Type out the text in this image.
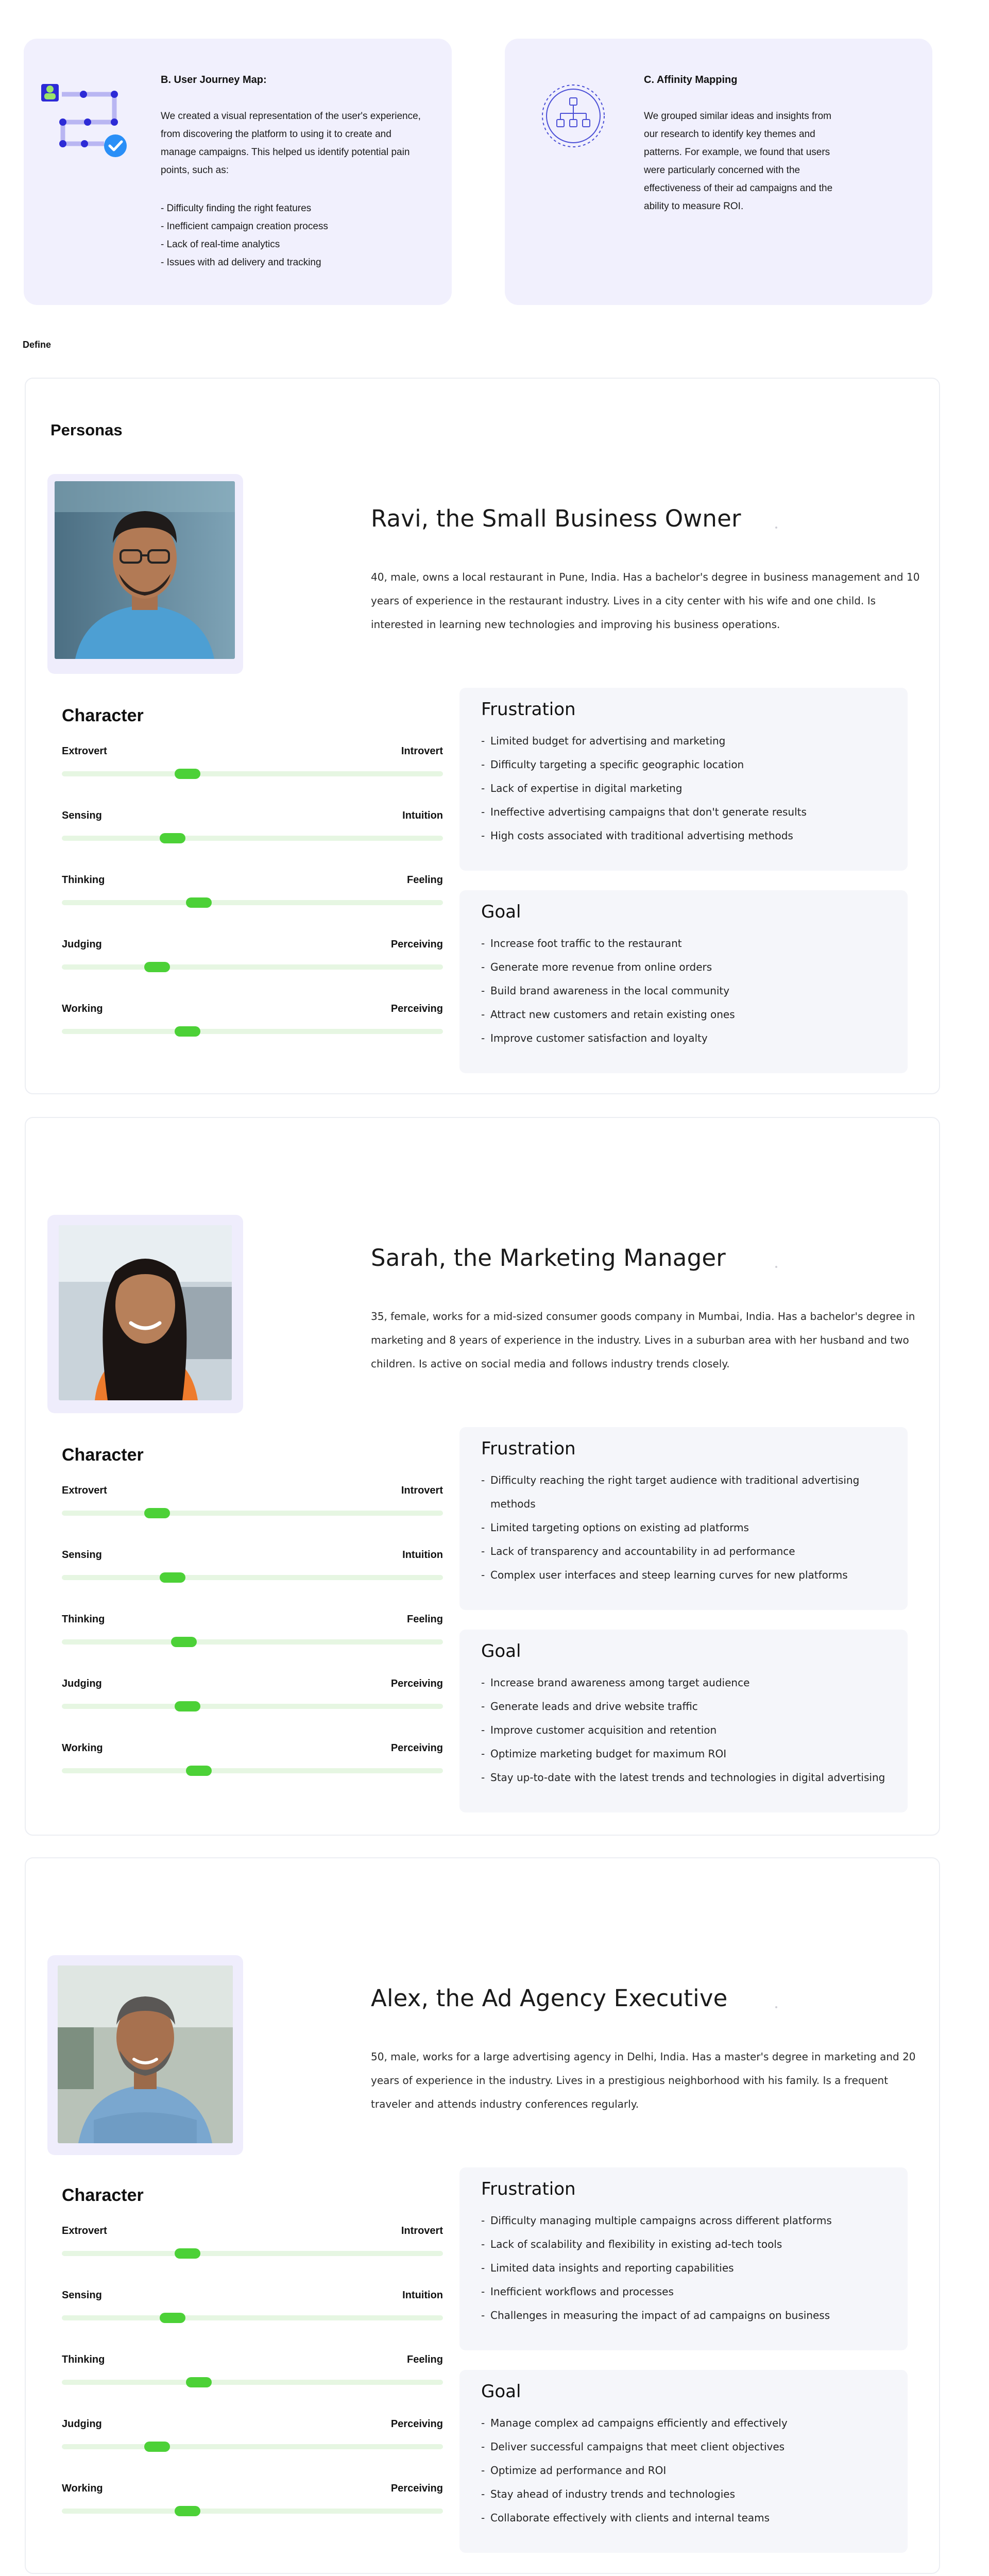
B. User Journey Map:
We created a visual representation of the user's experience, from discovering the platform to using it to create and manage campaigns. This helped us identify potential pain points, such as:
- Difficulty finding the right features
- Inefficient campaign creation process
- Lack of real-time analytics
- Issues with ad delivery and tracking
C. Affinity Mapping
We grouped similar ideas and insights from our research to identify key themes and patterns. For example, we found that users were particularly concerned with the effectiveness of their ad campaigns and the ability to measure ROI.
Define
Personas
Ravi, the Small Business Owner
40, male, owns a local restaurant in Pune, India. Has a bachelor's degree in business management and 10 years of experience in the restaurant industry. Lives in a city center with his wife and one child. Is interested in learning new technologies and improving his business operations.
Character
Extrovert	Introvert
Sensing	Intuition
Thinking	Feeling
Judging	Perceiving
Working	Perceiving
Frustration
- Limited budget for advertising and marketing
- Difficulty targeting a specific geographic location
- Lack of expertise in digital marketing
- Ineffective advertising campaigns that don't generate results
- High costs associated with traditional advertising methods
Goal
- Increase foot traffic to the restaurant
- Generate more revenue from online orders
- Build brand awareness in the local community
- Attract new customers and retain existing ones
- Improve customer satisfaction and loyalty
Sarah, the Marketing Manager
35, female, works for a mid-sized consumer goods company in Mumbai, India. Has a bachelor's degree in marketing and 8 years of experience in the industry. Lives in a suburban area with her husband and two children. Is active on social media and follows industry trends closely.
Character
Extrovert	Introvert
Sensing	Intuition
Thinking	Feeling
Judging	Perceiving
Working	Perceiving
Frustration
- Difficulty reaching the right target audience with traditional advertising methods
- Limited targeting options on existing ad platforms
- Lack of transparency and accountability in ad performance
- Complex user interfaces and steep learning curves for new platforms
Goal
- Increase brand awareness among target audience
- Generate leads and drive website traffic
- Improve customer acquisition and retention
- Optimize marketing budget for maximum ROI
- Stay up-to-date with the latest trends and technologies in digital advertising
Alex, the Ad Agency Executive
50, male, works for a large advertising agency in Delhi, India. Has a master's degree in marketing and 20 years of experience in the industry. Lives in a prestigious neighborhood with his family. Is a frequent traveler and attends industry conferences regularly.
Character
Extrovert	Introvert
Sensing	Intuition
Thinking	Feeling
Judging	Perceiving
Working	Perceiving
Frustration
- Difficulty managing multiple campaigns across different platforms
- Lack of scalability and flexibility in existing ad-tech tools
- Limited data insights and reporting capabilities
- Inefficient workflows and processes
- Challenges in measuring the impact of ad campaigns on business
Goal
- Manage complex ad campaigns efficiently and effectively
- Deliver successful campaigns that meet client objectives
- Optimize ad performance and ROI
- Stay ahead of industry trends and technologies
- Collaborate effectively with clients and internal teams
